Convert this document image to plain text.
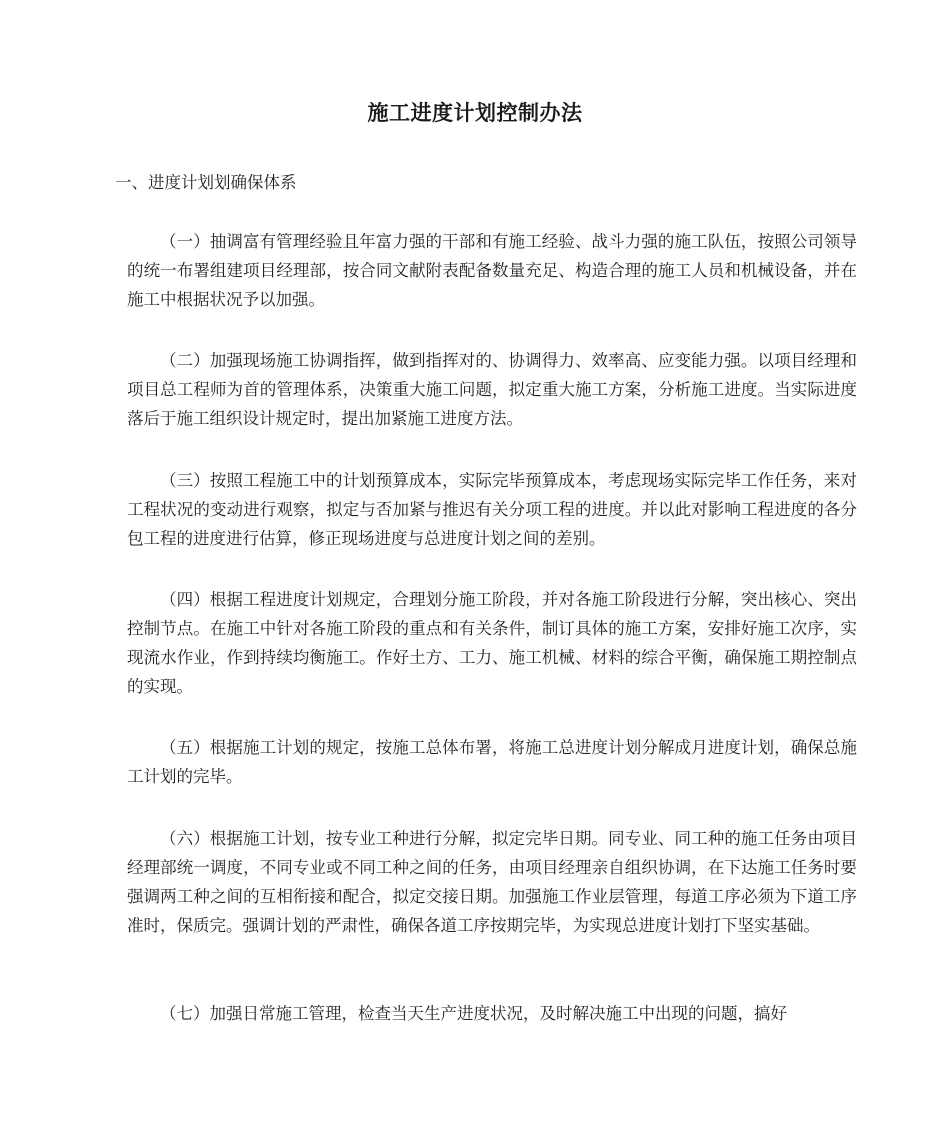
施工进度计划控制办法
一、进度计划划确保体系
（一）抽调富有管理经验且年富力强的干部和有施工经验、战斗力强的施工队伍，按照公司领导的统一布署组建项目经理部，按合同文献附表配备数量充足、构造合理的施工人员和机械设备，并在施工中根据状况予以加强。
（二）加强现场施工协调指挥，做到指挥对的、协调得力、效率高、应变能力强。以项目经理和项目总工程师为首的管理体系，决策重大施工问题，拟定重大施工方案，分析施工进度。当实际进度落后于施工组织设计规定时，提出加紧施工进度方法。
（三）按照工程施工中的计划预算成本，实际完毕预算成本，考虑现场实际完毕工作任务，来对工程状况的变动进行观察，拟定与否加紧与推迟有关分项工程的进度。并以此对影响工程进度的各分包工程的进度进行估算，修正现场进度与总进度计划之间的差别。
（四）根据工程进度计划规定，合理划分施工阶段，并对各施工阶段进行分解，突出核心、突出控制节点。在施工中针对各施工阶段的重点和有关条件，制订具体的施工方案，安排好施工次序，实现流水作业，作到持续均衡施工。作好土方、工力、施工机械、材料的综合平衡，确保施工期控制点的实现。
（五）根据施工计划的规定，按施工总体布署，将施工总进度计划分解成月进度计划，确保总施工计划的完毕。
（六）根据施工计划，按专业工种进行分解，拟定完毕日期。同专业、同工种的施工任务由项目经理部统一调度，不同专业或不同工种之间的任务，由项目经理亲自组织协调，在下达施工任务时要强调两工种之间的互相衔接和配合，拟定交接日期。加强施工作业层管理，每道工序必须为下道工序准时，保质完。强调计划的严肃性，确保各道工序按期完毕，为实现总进度计划打下坚实基础。
（七）加强日常施工管理，检查当天生产进度状况，及时解决施工中出现的问题，搞好
